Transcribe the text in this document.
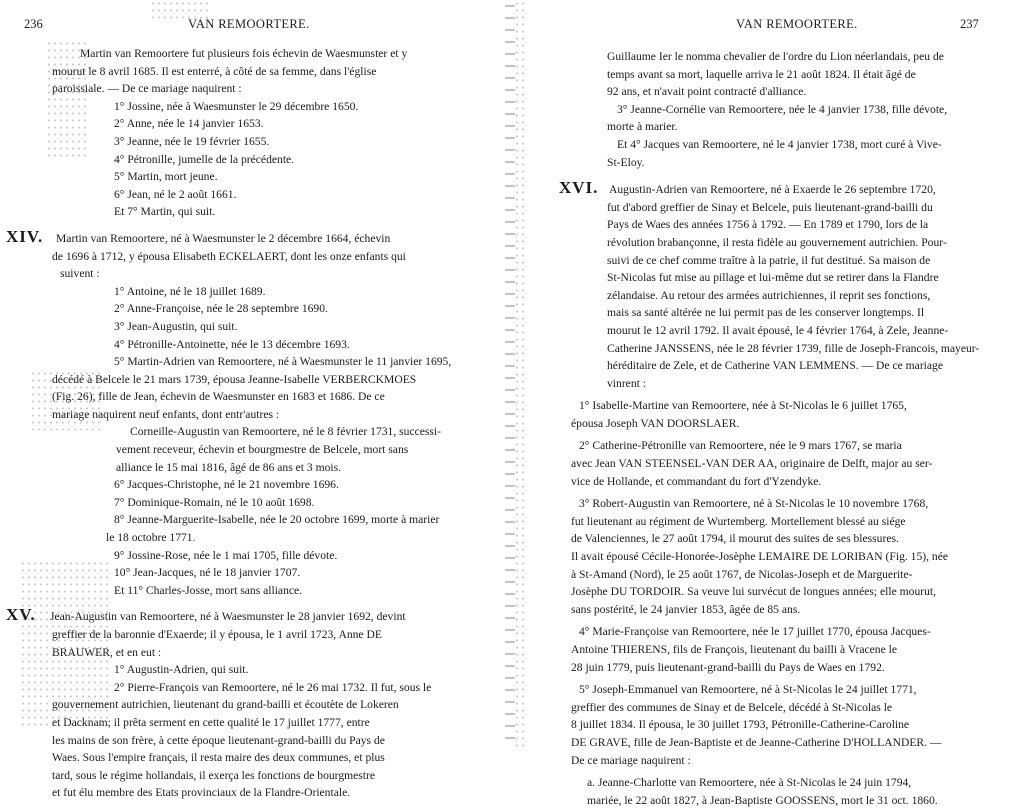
236	VAN REMOORTERE.

Martin van Remoortere fut plusieurs fois échevin de Waesmunster et y

mourut le 8 avril 1685. Il est enterré, à côté de sa femme, dans l'église

paroissiale. — De ce mariage naquirent :

1° Jossine, née à Waesmunster le 29 décembre 1650.

2° Anne, née le 14 janvier 1653.

3° Jeanne, née le 19 février 1655.

4° Pétronille, jumelle de la précédente.

5° Martin, mort jeune.

6° Jean, né le 2 août 1661.

Et 7° Martin, qui suit.

XIV. Martin van Remoortere, né à Waesmunster le 2 décembre 1664, échevin

de 1696 à 1712, y épousa Elisabeth ECKELAERT, dont les onze enfants qui

suivent :

1° Antoine, né le 18 juillet 1689.

2° Anne-Françoise, née le 28 septembre 1690.

3° Jean-Augustin, qui suit.

4° Pétronille-Antoinette, née le 13 décembre 1693.

5° Martin-Adrien van Remoortere, né à Waesmunster le 11 janvier 1695,

décédé à Belcele le 21 mars 1739, épousa Jeanne-Isabelle VERBERCKMOES

(Fig. 26), fille de Jean, échevin de Waesmunster en 1683 et 1686. De ce

mariage naquirent neuf enfants, dont entr'autres :

Corneille-Augustin van Remoortere, né le 8 février 1731, successi-

vement receveur, échevin et bourgmestre de Belcele, mort sans

alliance le 15 mai 1816, âgé de 86 ans et 3 mois.

6° Jacques-Christophe, né le 21 novembre 1696.

7° Dominique-Romain, né le 10 août 1698.

8° Jeanne-Marguerite-Isabelle, née le 20 octobre 1699, morte à marier

le 18 octobre 1771.

9° Jossine-Rose, née le 1 mai 1705, fille dévote.

10° Jean-Jacques, né le 18 janvier 1707.

Et 11° Charles-Josse, mort sans alliance.

XV. Jean-Augustin van Remoortere, né à Waesmunster le 28 janvier 1692, devint

greffier de la baronnie d'Exaerde; il y épousa, le 1 avril 1723, Anne DE

BRAUWER, et en eut :

1° Augustin-Adrien, qui suit.

2° Pierre-François van Remoortere, né le 26 mai 1732. Il fut, sous le

gouvernement autrichien, lieutenant du grand-bailli et écoutète de Lokeren

et Dacknam; il prêta serment en cette qualité le 17 juillet 1777, entre

les mains de son frère, à cette époque lieutenant-grand-bailli du Pays de

Waes. Sous l'empire français, il resta maire des deux communes, et plus

tard, sous le régime hollandais, il exerça les fonctions de bourgmestre

et fut élu membre des Etats provinciaux de la Flandre-Orientale.

VAN REMOORTERE.	237

Guillaume Ier le nomma chevalier de l'ordre du Lion néerlandais, peu de

temps avant sa mort, laquelle arriva le 21 août 1824. Il était âgé de

92 ans, et n'avait point contracté d'alliance.

3° Jeanne-Cornélie van Remoortere, née le 4 janvier 1738, fille dévote,

morte à marier.

Et 4° Jacques van Remoortere, né le 4 janvier 1738, mort curé à Vive-

St-Eloy.

XVI. Augustin-Adrien van Remoortere, né à Exaerde le 26 septembre 1720,

fut d'abord greffier de Sinay et Belcele, puis lieutenant-grand-bailli du

Pays de Waes des années 1756 à 1792. — En 1789 et 1790, lors de la

révolution brabançonne, il resta fidèle au gouvernement autrichien. Pour-

suivi de ce chef comme traître à la patrie, il fut destitué. Sa maison de

St-Nicolas fut mise au pillage et lui-même dut se retirer dans la Flandre

zélandaise. Au retour des armées autrichiennes, il reprit ses fonctions,

mais sa santé altérée ne lui permit pas de les conserver longtemps. Il

mourut le 12 avril 1792. Il avait épousé, le 4 février 1764, à Zele, Jeanne-

Catherine JANSSENS, née le 28 février 1739, fille de Joseph-Francois, mayeur-

héréditaire de Zele, et de Catherine VAN LEMMENS. — De ce mariage

vinrent :

1° Isabelle-Martine van Remoortere, née à St-Nicolas le 6 juillet 1765,

épousa Joseph VAN DOORSLAER.

2° Catherine-Pétronille van Remoortere, née le 9 mars 1767, se maria

avec Jean VAN STEENSEL-VAN DER AA, originaire de Delft, major au ser-

vice de Hollande, et commandant du fort d'Yzendyke.

3° Robert-Augustin van Remoortere, né à St-Nicolas le 10 novembre 1768,

fut lieutenant au régiment de Wurtemberg. Mortellement blessé au siége

de Valenciennes, le 27 août 1794, il mourut des suites de ses blessures.

Il avait épousé Cécile-Honorée-Josèphe LEMAIRE DE LORIBAN (Fig. 15), née

à St-Amand (Nord), le 25 août 1767, de Nicolas-Joseph et de Marguerite-

Josèphe DU TORDOIR. Sa veuve lui survécut de longues années; elle mourut,

sans postérité, le 24 janvier 1853, âgée de 85 ans.

4° Marie-Françoise van Remoortere, née le 17 juillet 1770, épousa Jacques-

Antoine THIERENS, fils de François, lieutenant du bailli à Vracene le

28 juin 1779, puis lieutenant-grand-bailli du Pays de Waes en 1792.

5° Joseph-Emmanuel van Remoortere, né à St-Nicolas le 24 juillet 1771,

greffier des communes de Sinay et de Belcele, décédé à St-Nicolas le

8 juillet 1834. Il épousa, le 30 juillet 1793, Pétronille-Catherine-Caroline

DE GRAVE, fille de Jean-Baptiste et de Jeanne-Catherine D'HOLLANDER. —

De ce mariage naquirent :

a. Jeanne-Charlotte van Remoortere, née à St-Nicolas le 24 juin 1794,

mariée, le 22 août 1827, à Jean-Baptiste GOOSSENS, mort le 31 oct. 1860.
